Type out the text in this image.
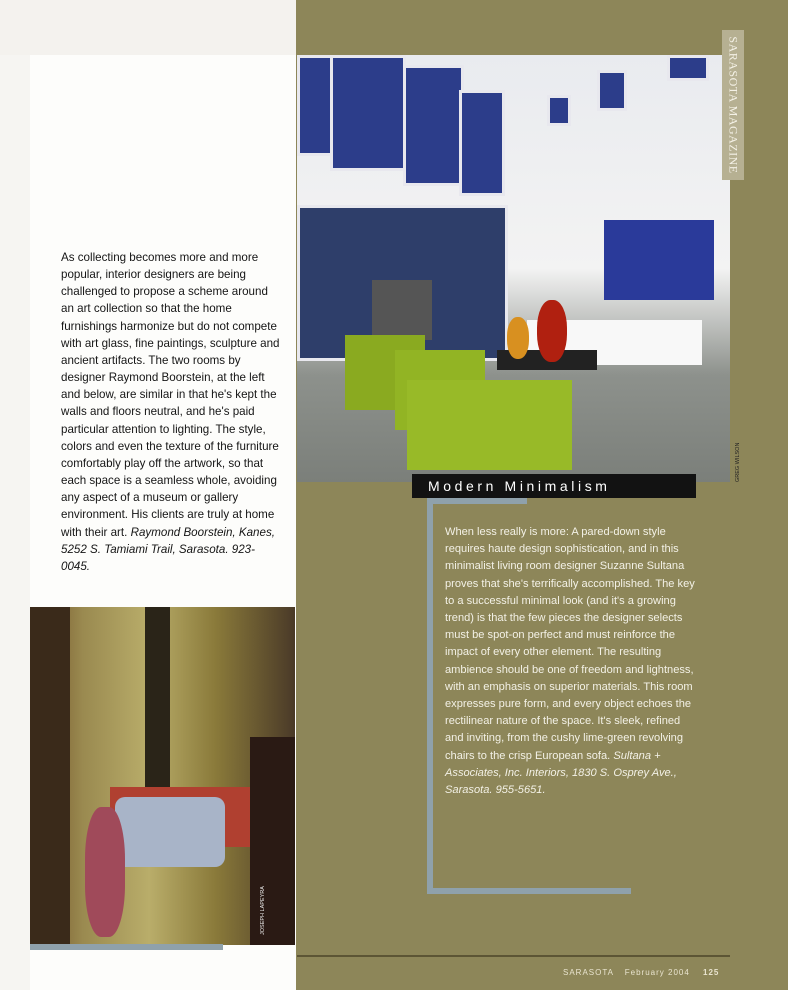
As collecting becomes more and more popular, interior designers are being challenged to propose a scheme around an art collection so that the home furnishings harmonize but do not compete with art glass, fine paintings, sculpture and ancient artifacts. The two rooms by designer Raymond Boorstein, at the left and below, are similar in that he's kept the walls and floors neutral, and he's paid particular attention to lighting. The style, colors and even the texture of the furniture comfortably play off the artwork, so that each space is a seamless whole, avoiding any aspect of a museum or gallery environment. His clients are truly at home with their art. Raymond Boorstein, Kanes, 5252 S. Tamiami Trail, Sarasota. 923-0045.
SARASOTA MAGAZINE
GREG WILSON
Modern Minimalism
When less really is more: A pared-down style requires haute design sophistication, and in this minimalist living room designer Suzanne Sultana proves that she's terrifically accomplished. The key to a successful minimal look (and it's a growing trend) is that the few pieces the designer selects must be spot-on perfect and must reinforce the impact of every other element. The resulting ambience should be one of freedom and lightness, with an emphasis on superior materials. This room expresses pure form, and every object echoes the rectilinear nature of the space. It's sleek, refined and inviting, from the cushy lime-green revolving chairs to the crisp European sofa. Sultana + Associates, Inc. Interiors, 1830 S. Osprey Ave., Sarasota. 955-5651.
JOSEPH LAPEYRA
SARASOTA February 2004 125
